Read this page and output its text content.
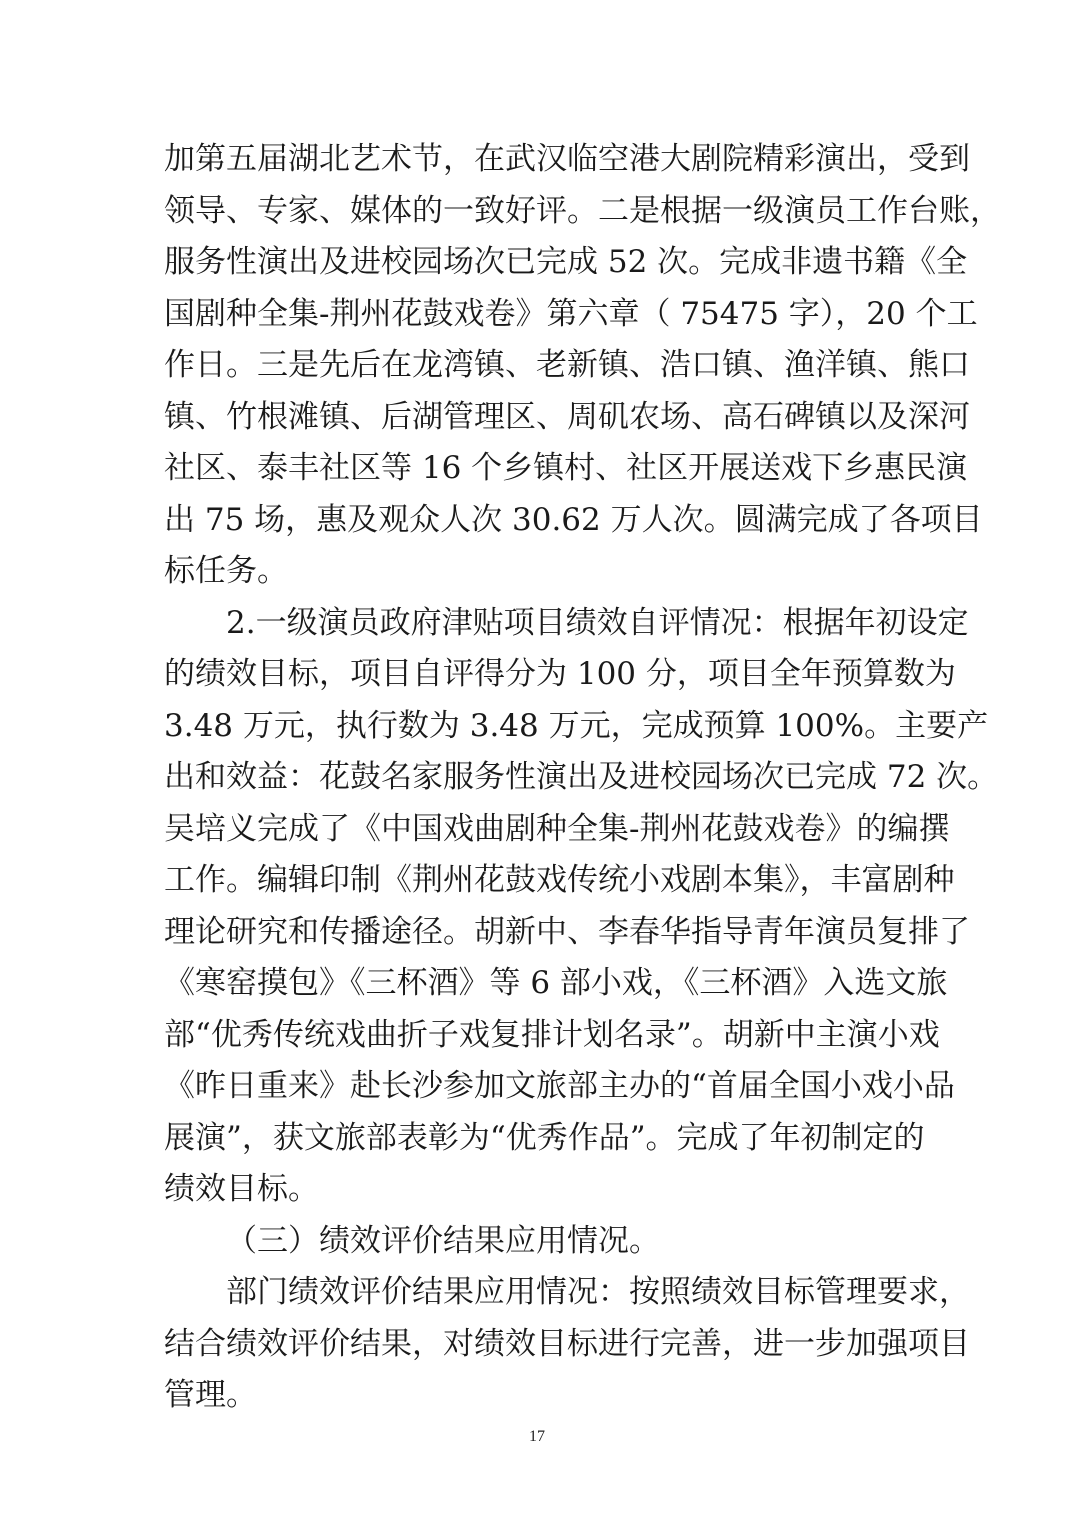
加第五届湖北艺术节，在武汉临空港大剧院精彩演出，受到
领导、专家、媒体的一致好评。二是根据一级演员工作台账，
服务性演出及进校园场次已完成 52 次。完成非遗书籍《全
国剧种全集-荆州花鼓戏卷》第六章（ 75475 字），20 个工
作日。三是先后在龙湾镇、老新镇、浩口镇、渔洋镇、熊口
镇、竹根滩镇、后湖管理区、周矶农场、高石碑镇以及深河
社区、泰丰社区等 16 个乡镇村、社区开展送戏下乡惠民演
出 75 场，惠及观众人次 30.62 万人次。圆满完成了各项目
标任务。
2.一级演员政府津贴项目绩效自评情况：根据年初设定
的绩效目标，项目自评得分为 100 分，项目全年预算数为
3.48 万元，执行数为 3.48 万元，完成预算 100%。主要产
出和效益：花鼓名家服务性演出及进校园场次已完成 72 次。
吴培义完成了《中国戏曲剧种全集-荆州花鼓戏卷》的编撰
工作。编辑印制《荆州花鼓戏传统小戏剧本集》，丰富剧种
理论研究和传播途径。胡新中、李春华指导青年演员复排了
《寒窑摸包》《三杯酒》等 6 部小戏，《三杯酒》入选文旅
部“优秀传统戏曲折子戏复排计划名录”。胡新中主演小戏
《昨日重来》赴长沙参加文旅部主办的“首届全国小戏小品
展演”，获文旅部表彰为“优秀作品”。完成了年初制定的
绩效目标。
（三）绩效评价结果应用情况。
部门绩效评价结果应用情况：按照绩效目标管理要求，
结合绩效评价结果，对绩效目标进行完善，进一步加强项目
管理。
17
